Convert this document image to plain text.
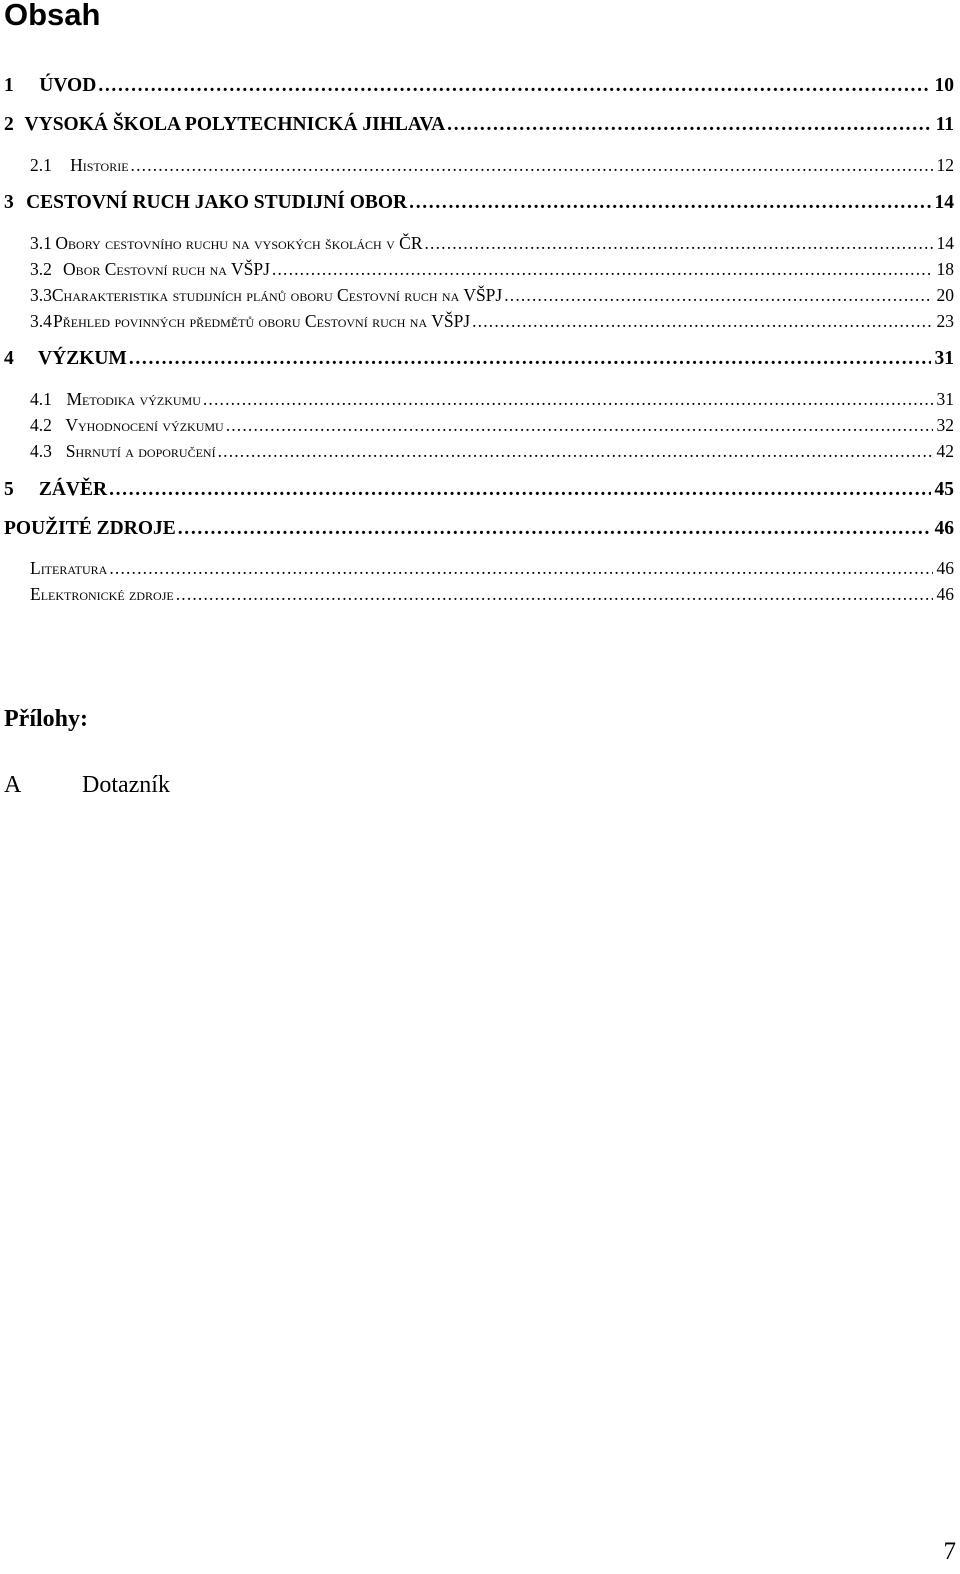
Obsah
1	ÚVOD . . .	10
2 VYSOKÁ ŠKOLA POLYTECHNICKÁ JIHLAVA . . .	11
2.1	Historie . . .	12
3 CESTOVNÍ RUCH JAKO STUDIJNÍ OBOR . . .	14
3.1 Obory cestovního ruchu na vysokých školách v ČR . . .	14
3.2 Obor Cestovní ruch na VŠPJ . . .	18
3.3 Charakteristika studijních plánů oboru Cestovní ruch na VŠPJ . . .	20
3.4 Přehled povinných předmětů oboru Cestovní ruch na VŠPJ . . .	23
4	VÝZKUM . . .	31
4.1 Metodika výzkumu . . .	31
4.2 Vyhodnocení výzkumu . . .	32
4.3 Shrnutí a doporučení . . .	42
5	ZÁVĚR . . .	45
POUŽITÉ ZDROJE . . .	46
Literatura . . .	46
Elektronické zdroje . . .	46
Přílohy:
A	Dotazník
7
